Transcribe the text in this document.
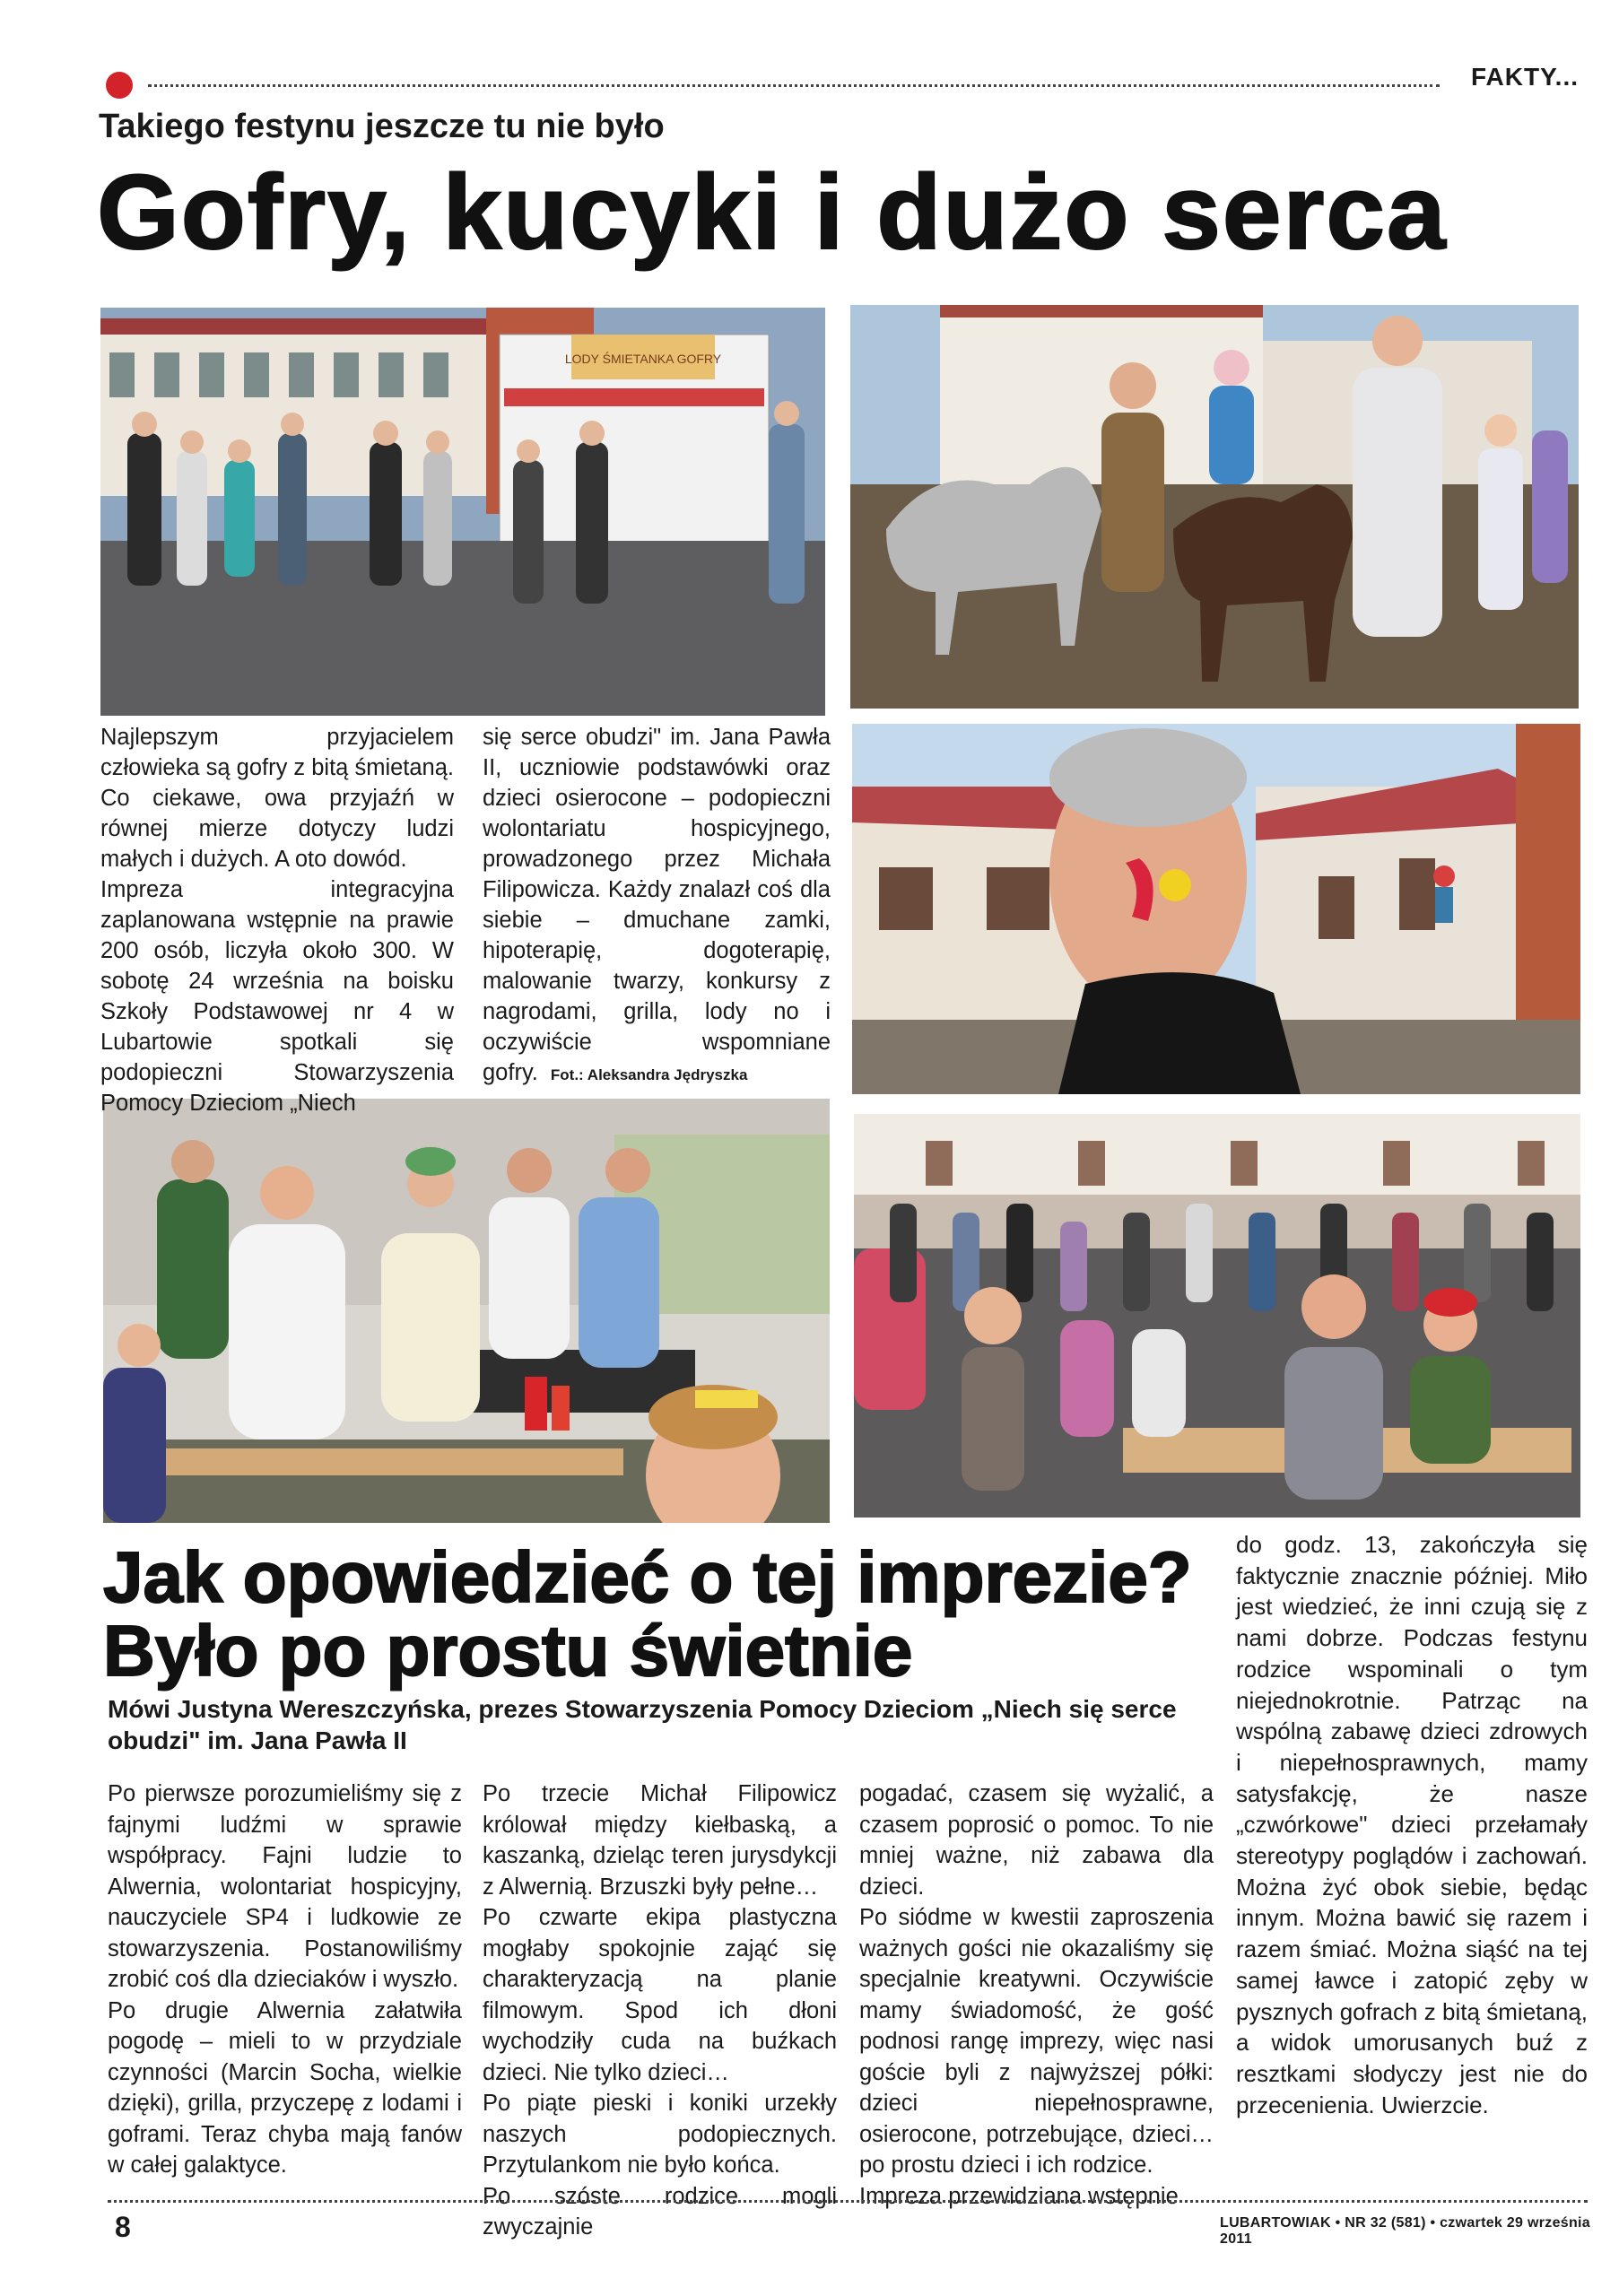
FAKTY...
Takiego festynu jeszcze tu nie było
Gofry, kucyki i dużo serca
LODY ŚMIETANKA GOFRY

Najlepszym przyjacielem człowieka są gofry z bitą śmietaną. Co ciekawe, owa przyjaźń w równej mierze dotyczy ludzi małych i dużych. A oto dowód.

Impreza integracyjna zaplanowana wstępnie na prawie 200 osób, liczyła około 300. W sobotę 24 września na boisku Szkoły Podstawowej nr 4 w Lubartowie spotkali się podopieczni Stowarzyszenia Pomocy Dzieciom „Niech

się serce obudzi" im. Jana Pawła II, uczniowie podstawówki oraz dzieci osierocone – podopieczni wolontariatu hospicyjnego, prowadzonego przez Michała Filipowicza. Każdy znalazł coś dla siebie – dmuchane zamki, hipoterapię, dogoterapię, malowanie twarzy, konkursy z nagrodami, grilla, lody no i oczywiście wspomniane gofry. Fot.: Aleksandra Jędryszka

Jak opowiedzieć o tej imprezie?
Było po prostu świetnie
Mówi Justyna Wereszczyńska, prezes Stowarzyszenia Pomocy Dzieciom „Niech się serce obudzi" im. Jana Pawła II

Po pierwsze porozumieliśmy się z fajnymi ludźmi w sprawie współpracy. Fajni ludzie to Alwernia, wolontariat hospicyjny, nauczyciele SP4 i ludkowie ze stowarzyszenia. Postanowiliśmy zrobić coś dla dzieciaków i wyszło.

Po drugie Alwernia załatwiła pogodę – mieli to w przydziale czynności (Marcin Socha, wielkie dzięki), grilla, przyczepę z lodami i goframi. Teraz chyba mają fanów w całej galaktyce.

Po trzecie Michał Filipowicz królował między kiełbaską, a kaszanką, dzieląc teren jurysdykcji z Alwernią. Brzuszki były pełne…

Po czwarte ekipa plastyczna mogłaby spokojnie zająć się charakteryzacją na planie filmowym. Spod ich dłoni wychodziły cuda na buźkach dzieci. Nie tylko dzieci…

Po piąte pieski i koniki urzekły naszych podopiecznych. Przytulankom nie było końca.

Po szóste rodzice mogli zwyczajnie

pogadać, czasem się wyżalić, a czasem poprosić o pomoc. To nie mniej ważne, niż zabawa dla dzieci.

Po siódme w kwestii zaproszenia ważnych gości nie okazaliśmy się specjalnie kreatywni. Oczywiście mamy świadomość, że gość podnosi rangę imprezy, więc nasi goście byli z najwyższej półki: dzieci niepełnosprawne, osierocone, potrzebujące, dzieci… po prostu dzieci i ich rodzice.

Impreza przewidziana wstępnie

do godz. 13, zakończyła się faktycznie znacznie później. Miło jest wiedzieć, że inni czują się z nami dobrze. Podczas festynu rodzice wspominali o tym niejednokrotnie. Patrząc na wspólną zabawę dzieci zdrowych i niepełnosprawnych, mamy satysfakcję, że nasze „czwórkowe" dzieci przełamały stereotypy poglądów i zachowań. Można żyć obok siebie, będąc innym. Można bawić się razem i razem śmiać. Można siąść na tej samej ławce i zatopić zęby w pysznych gofrach z bitą śmietaną, a widok umorusanych buź z resztkami słodyczy jest nie do przecenienia. Uwierzcie.

8	LUBARTOWIAK • NR 32 (581) • czwartek 29 września 2011
